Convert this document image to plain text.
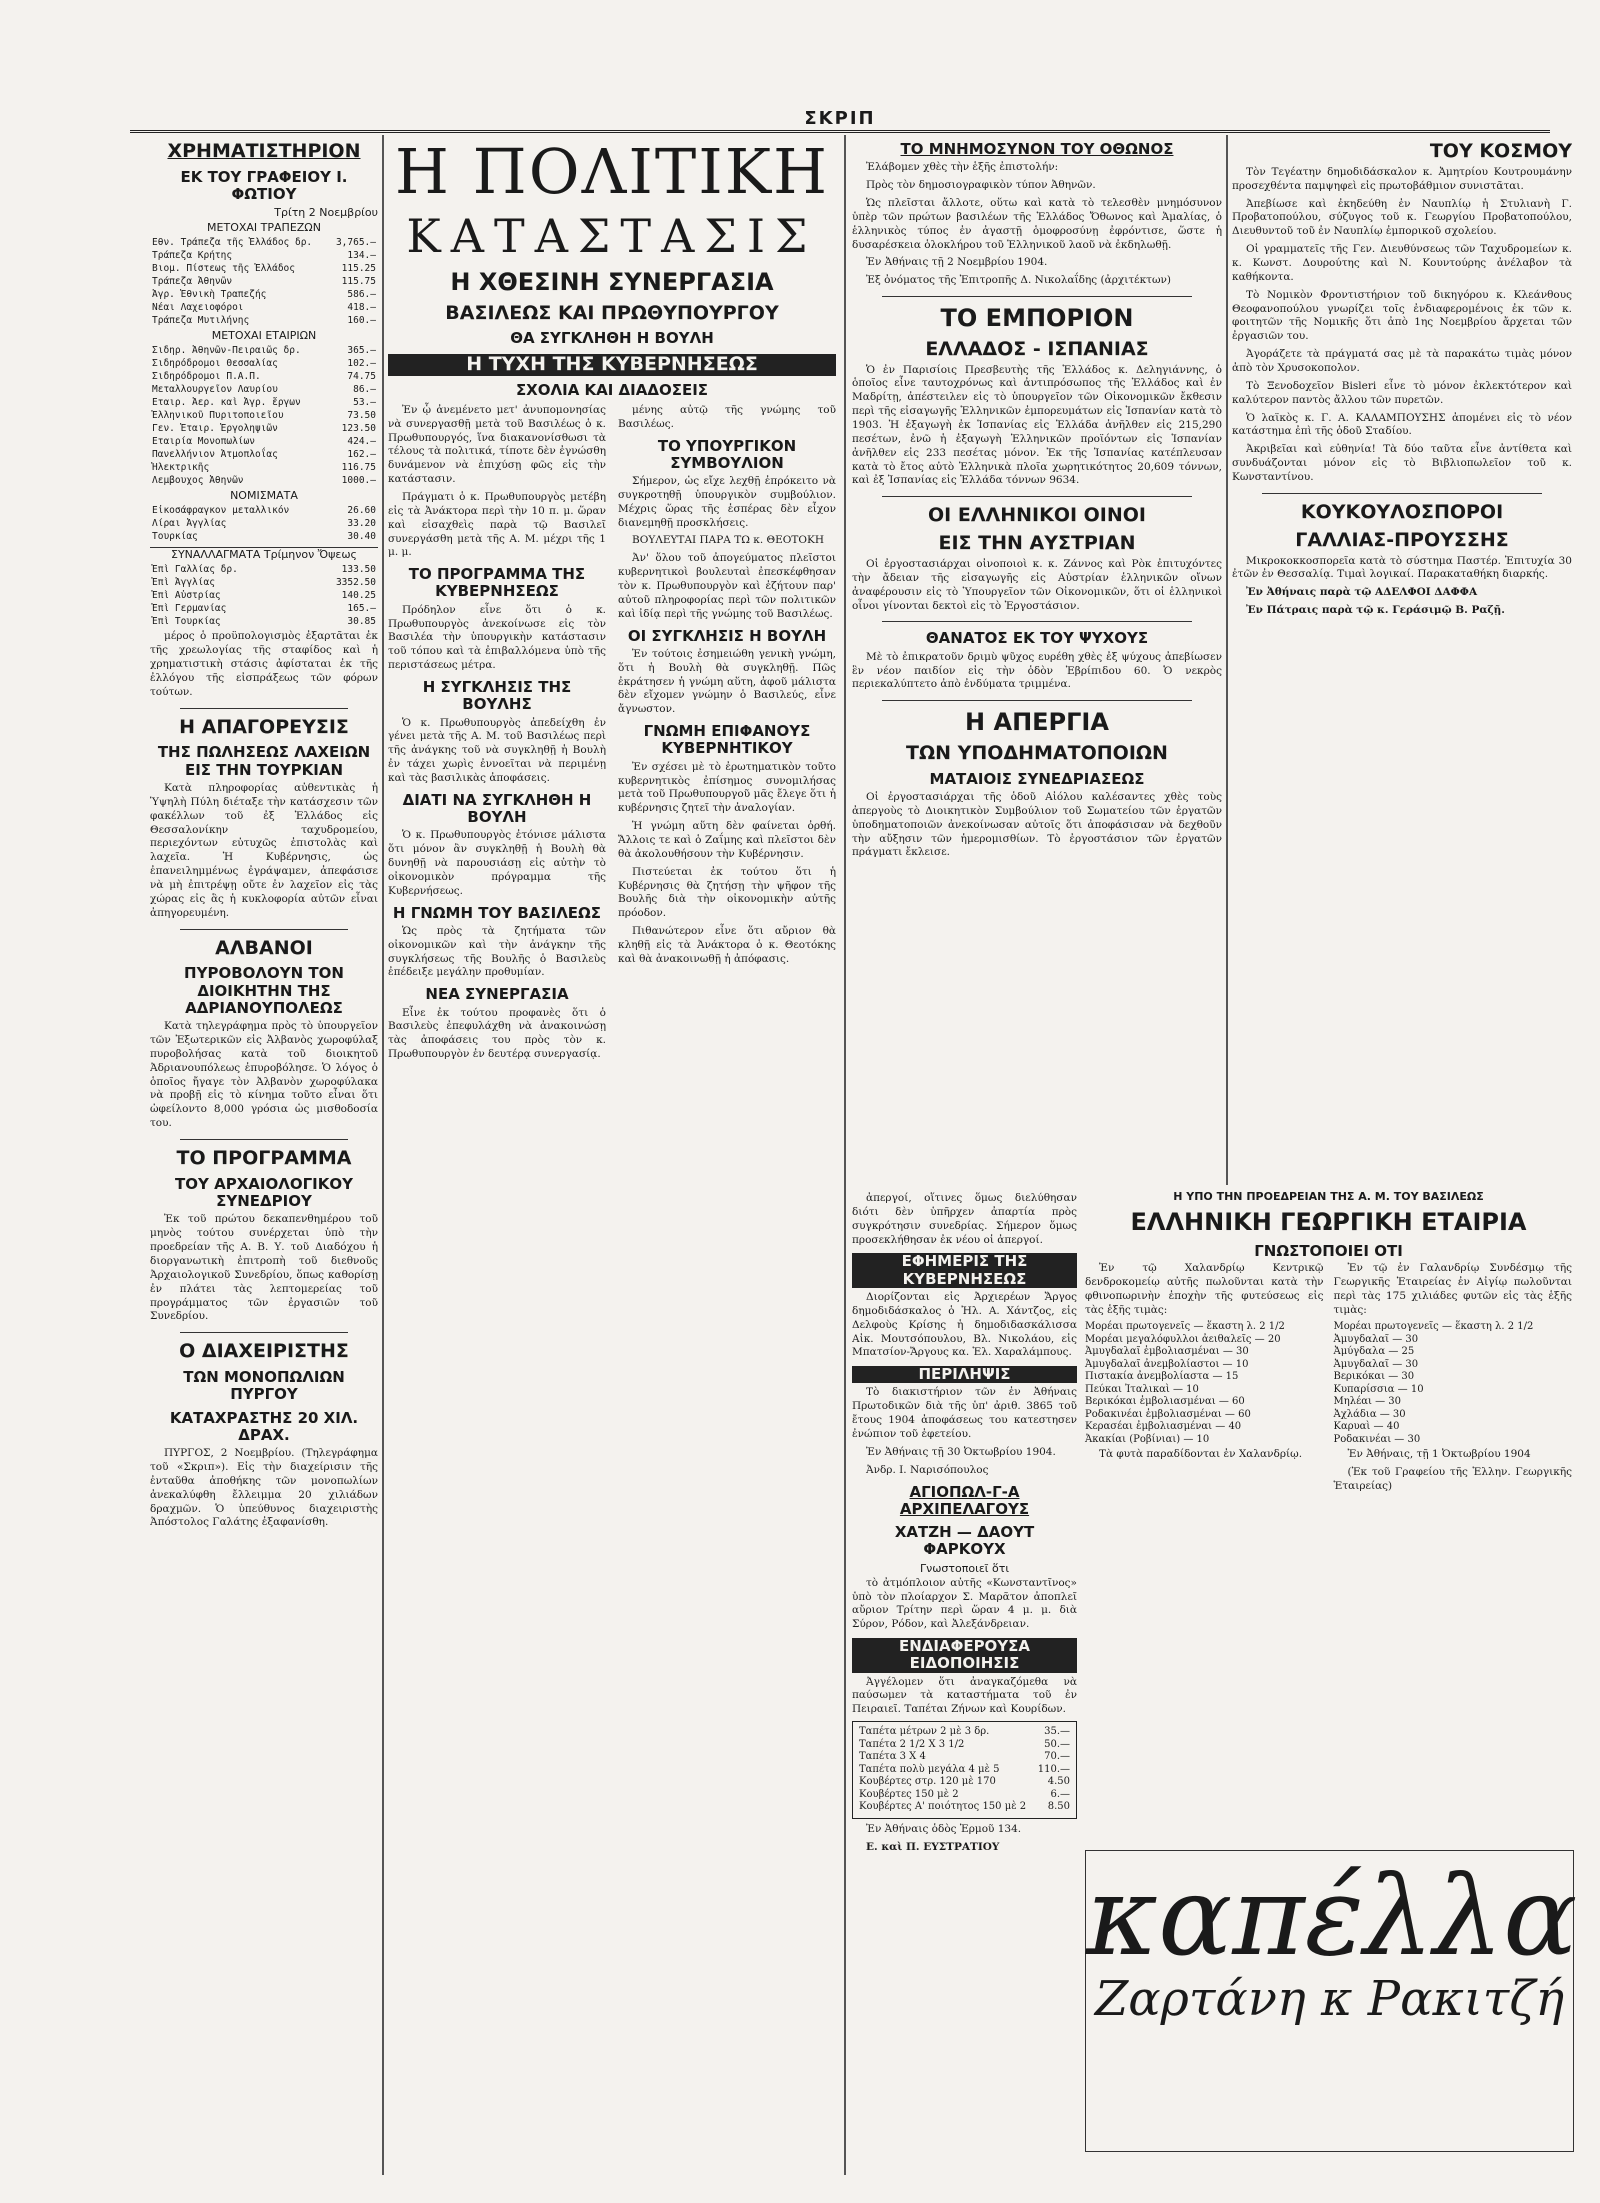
ΣΚΡΙΠ
ΧΡΗΜΑΤΙΣΤΗΡΙΟΝ
ΕΚ ΤΟΥ ΓΡΑΦΕΙΟΥ Ι. ΦΩΤΙΟΥ
Τρίτη 2 Νοεμβρίου
ΜΕΤΟΧΑΙ ΤΡΑΠΕΖΩΝ
Εθν. Τράπεζα τῆς Ἑλλάδος δρ.	3,765.—
Τράπεζα Κρήτης	134.—
Βιομ. Πίστεως τῆς Ἑλλάδος	115.25
Τράπεζα Ἀθηνῶν	115.75
Ἀγρ. Ἐθνικὴ Τραπεζής	586.—
Νέαι Λαχειοφόροι	418.—
Τράπεζα Μυτιλήνης	160.—
ΜΕΤΟΧΑΙ ΕΤΑΙΡΙΩΝ
Σιδηρ. Ἀθηνῶν-Πειραιῶς δρ.	365.—
Σιδηρόδρομοι Θεσσαλίας	102.—
Σιδηρόδρομοι Π.Α.Π.	74.75
Μεταλλουργεῖον Λαυρίου	86.—
Εταιρ. Ἀερ. καὶ Ἀγρ. ἔργων	53.—
Ἑλληνικοῦ Πυριτοποιεῖου	73.50
Γεν. Ἑταιρ. Ἐργοληψιῶν	123.50
Εταιρία Μονοπωλίων	424.—
Πανελλήνιον Ἀτμοπλοΐας	162.—
Ἠλεκτρικῆς	116.75
Λεμβουχος Ἀθηνῶν	1000.—
ΝΟΜΙΣΜΑΤΑ
Εἰκοσάφραγκον μεταλλικόν	26.60
Λίραι Ἀγγλίας	33.20
Τουρκίας	30.40
ΣΥΝΑΛΛΑΓΜΑΤΑ Τρίμηνον Ὄψεως
Ἐπὶ Γαλλίας δρ.	133.50
Ἐπὶ Ἀγγλίας	3352.50
Ἐπὶ Αὐστρίας	140.25
Ἐπὶ Γερμανίας	165.—
Ἐπὶ Τουρκίας	30.85

μέρος ὁ προϋπολογισμὸς ἐξαρτᾶται ἐκ τῆς χρεωλογίας τῆς σταφίδος καὶ ἡ χρηματιστικὴ στάσις ἀφίσταται ἐκ τῆς ἐλλόγου τῆς εἰσπράξεως τῶν φόρων τούτων.

Η ΑΠΑΓΟΡΕΥΣΙΣ
ΤΗΣ ΠΩΛΗΣΕΩΣ ΛΑΧΕΙΩΝ ΕΙΣ ΤΗΝ ΤΟΥΡΚΙΑΝ

Κατὰ πληροφορίας αὐθεντικὰς ἡ Ὑψηλὴ Πύλη διέταξε τὴν κατάσχεσιν τῶν φακέλλων τοῦ ἐξ Ἑλλάδος εἰς Θεσσαλονίκην ταχυδρομείου, περιεχόντων εὐτυχῶς ἐπιστολὰς καὶ λαχεῖα. Ἡ Κυβέρνησις, ὡς ἐπανειλημμένως ἐγράψαμεν, ἀπεφάσισε νὰ μὴ ἐπιτρέψῃ οὔτε ἐν λαχεῖον εἰς τὰς χώρας εἰς ἃς ἡ κυκλοφορία αὐτῶν εἶναι ἀπηγορευμένη.

ΑΛΒΑΝΟΙ
ΠΥΡΟΒΟΛΟΥΝ ΤΟΝ ΔΙΟΙΚΗΤΗΝ ΤΗΣ ΑΔΡΙΑΝΟΥΠΟΛΕΩΣ

Κατὰ τηλεγράφημα πρὸς τὸ ὑπουργεῖον τῶν Ἐξωτερικῶν εἰς Ἀλβανὸς χωροφύλαξ πυροβολήσας κατὰ τοῦ διοικητοῦ Ἀδριανουπόλεως ἐπυροβόλησε. Ὁ λόγος ὁ ὁποῖος ἤγαγε τὸν Ἀλβανὸν χωροφύλακα νὰ προβῇ εἰς τὸ κίνημα τοῦτο εἶναι ὅτι ὠφείλοντο 8,000 γρόσια ὡς μισθοδοσία του.

ΤΟ ΠΡΟΓΡΑΜΜΑ
ΤΟΥ ΑΡΧΑΙΟΛΟΓΙΚΟΥ ΣΥΝΕΔΡΙΟΥ

Ἐκ τοῦ πρώτου δεκαπενθημέρου τοῦ μηνὸς τούτου συνέρχεται ὑπὸ τὴν προεδρείαν τῆς Α. Β. Υ. τοῦ Διαδόχου ἡ διοργανωτικὴ ἐπιτροπὴ τοῦ διεθνοῦς Ἀρχαιολογικοῦ Συνεδρίου, ὅπως καθορίσῃ ἐν πλάτει τὰς λεπτομερείας τοῦ προγράμματος τῶν ἐργασιῶν τοῦ Συνεδρίου.

Ο ΔΙΑΧΕΙΡΙΣΤΗΣ
ΤΩΝ ΜΟΝΟΠΩΛΙΩΝ ΠΥΡΓΟΥ
ΚΑΤΑΧΡΑΣΤΗΣ 20 ΧΙΛ. ΔΡΑΧ.

ΠΥΡΓΟΣ, 2 Νοεμβρίου. (Τηλεγράφημα τοῦ «Σκριπ»). Εἰς τὴν διαχείρισιν τῆς ἐνταῦθα ἀποθήκης τῶν μονοπωλίων ἀνεκαλύφθη ἔλλειμμα 20 χιλιάδων δραχμῶν. Ὁ ὑπεύθυνος διαχειριστὴς Ἀπόστολος Γαλάτης ἐξαφανίσθη.

Η ΠΟΛΙΤΙΚΗ
ΚΑΤΑΣΤΑΣΙΣ
Η ΧΘΕΣΙΝΗ ΣΥΝΕΡΓΑΣΙΑ
ΒΑΣΙΛΕΩΣ ΚΑΙ ΠΡΩΘΥΠΟΥΡΓΟΥ
ΘΑ ΣΥΓΚΛΗΘΗ Η ΒΟΥΛΗ
Η ΤΥΧΗ ΤΗΣ ΚΥΒΕΡΝΗΣΕΩΣ
ΣΧΟΛΙΑ ΚΑΙ ΔΙΑΔΟΣΕΙΣ

Ἐν ᾧ ἀνεμένετο μετ' ἀνυπομονησίας νὰ συνεργασθῇ μετὰ τοῦ Βασιλέως ὁ κ. Πρωθυπουργός, ἵνα διακανονίσθωσι τὰ τέλους τὰ πολιτικά, τίποτε δὲν ἐγνώσθη δυνάμενον νὰ ἐπιχύσῃ φῶς εἰς τὴν κατάστασιν.

Πράγματι ὁ κ. Πρωθυπουργὸς μετέβη εἰς τὰ Ἀνάκτορα περὶ τὴν 10 π. μ. ὥραν καὶ εἰσαχθεὶς παρὰ τῷ Βασιλεῖ συνεργάσθη μετὰ τῆς Α. Μ. μέχρι τῆς 1 μ. μ.

ΤΟ ΠΡΟΓΡΑΜΜΑ ΤΗΣ ΚΥΒΕΡΝΗΣΕΩΣ

Πρόδηλον εἶνε ὅτι ὁ κ. Πρωθυπουργὸς ἀνεκοίνωσε εἰς τὸν Βασιλέα τὴν ὑπουργικὴν κατάστασιν τοῦ τόπου καὶ τὰ ἐπιβαλλόμενα ὑπὸ τῆς περιστάσεως μέτρα.

Η ΣΥΓΚΛΗΣΙΣ ΤΗΣ ΒΟΥΛΗΣ

Ὁ κ. Πρωθυπουργὸς ἀπεδείχθη ἐν γένει μετὰ τῆς Α. Μ. τοῦ Βασιλέως περὶ τῆς ἀνάγκης τοῦ νὰ συγκληθῇ ἡ Βουλὴ ἐν τάχει χωρὶς ἐννοεῖται νὰ περιμένῃ καὶ τὰς βασιλικὰς ἀποφάσεις.

ΔΙΑΤΙ ΝΑ ΣΥΓΚΛΗΘΗ Η ΒΟΥΛΗ

Ὁ κ. Πρωθυπουργὸς ἐτόνισε μάλιστα ὅτι μόνον ἂν συγκληθῇ ἡ Βουλὴ θὰ δυνηθῇ νὰ παρουσιάσῃ εἰς αὐτὴν τὸ οἰκονομικὸν πρόγραμμα τῆς Κυβερνήσεως.

Η ΓΝΩΜΗ ΤΟΥ ΒΑΣΙΛΕΩΣ

Ὡς πρὸς τὰ ζητήματα τῶν οἰκονομικῶν καὶ τὴν ἀνάγκην τῆς συγκλήσεως τῆς Βουλῆς ὁ Βασιλεὺς ἐπέδειξε μεγάλην προθυμίαν.

ΝΕΑ ΣΥΝΕΡΓΑΣΙΑ

Εἶνε ἐκ τούτου προφανὲς ὅτι ὁ Βασιλεὺς ἐπεφυλάχθη νὰ ἀνακοινώσῃ τὰς ἀποφάσεις του πρὸς τὸν κ. Πρωθυπουργὸν ἐν δευτέρᾳ συνεργασίᾳ.

μένης αὐτῷ τῆς γνώμης τοῦ Βασιλέως.

ΤΟ ΥΠΟΥΡΓΙΚΟΝ ΣΥΜΒΟΥΛΙΟΝ

Σήμερον, ὡς εἴχε λεχθῇ ἐπρόκειτο νὰ συγκροτηθῇ ὑπουργικὸν συμβούλιον. Μέχρις ὥρας τῆς ἑσπέρας δὲν εἶχον διανεμηθῇ προσκλήσεις.

ΒΟΥΛΕΥΤΑΙ ΠΑΡΑ ΤΩ κ. ΘΕΟΤΟΚΗ

Ἀν' ὅλου τοῦ ἀπογεύματος πλεῖστοι κυβερνητικοὶ βουλευταὶ ἐπεσκέφθησαν τὸν κ. Πρωθυπουργὸν καὶ ἐζήτουν παρ' αὐτοῦ πληροφορίας περὶ τῶν πολιτικῶν καὶ ἰδίᾳ περὶ τῆς γνώμης τοῦ Βασιλέως.

ΟΙ ΣΥΓΚΛΗΣΙΣ Η ΒΟΥΛΗ

Ἐν τούτοις ἐσημειώθη γενικὴ γνώμη, ὅτι ἡ Βουλὴ θὰ συγκληθῇ. Πῶς ἐκράτησεν ἡ γνώμη αὕτη, ἀφοῦ μάλιστα δὲν εἴχομεν γνώμην ὁ Βασιλεύς, εἶνε ἄγνωστον.

ΓΝΩΜΗ ΕΠΙΦΑΝΟΥΣ ΚΥΒΕΡΝΗΤΙΚΟΥ

Ἐν σχέσει μὲ τὸ ἐρωτηματικὸν τοῦτο κυβερνητικὸς ἐπίσημος συνομιλήσας μετὰ τοῦ Πρωθυπουργοῦ μᾶς ἔλεγε ὅτι ἡ κυβέρνησις ζητεῖ τὴν ἀναλογίαν.

Ἡ γνώμη αὕτη δὲν φαίνεται ὀρθή. Ἄλλοις τε καὶ ὁ Ζαΐμης καὶ πλεῖστοι δὲν θὰ ἀκολουθήσουν τὴν Κυβέρνησιν.

Πιστεύεται ἐκ τούτου ὅτι ἡ Κυβέρνησις θὰ ζητήσῃ τὴν ψῆφον τῆς Βουλῆς διὰ τὴν οἰκονομικὴν αὐτῆς πρόοδον.

Πιθανώτερον εἶνε ὅτι αὔριον θὰ κληθῇ εἰς τὰ Ἀνάκτορα ὁ κ. Θεοτόκης καὶ θὰ ἀνακοινωθῇ ἡ ἀπόφασις.

ΤΟ ΜΝΗΜΟΣΥΝΟΝ ΤΟΥ ΟΘΩΝΟΣ

Ἐλάβομεν χθὲς τὴν ἑξῆς ἐπιστολήν:

Πρὸς τὸν δημοσιογραφικὸν τύπον Ἀθηνῶν.

Ὡς πλεῖσται ἄλλοτε, οὕτω καὶ κατὰ τὸ τελεσθὲν μνημόσυνον ὑπὲρ τῶν πρώτων βασιλέων τῆς Ἑλλάδος Ὄθωνος καὶ Ἀμαλίας, ὁ ἑλληνικὸς τύπος ἐν ἀγαστῇ ὁμοφροσύνῃ ἐφρόντισε, ὥστε ἡ δυσαρέσκεια ὁλοκλήρου τοῦ Ἑλληνικοῦ λαοῦ νὰ ἐκδηλωθῇ.

Ἐν Ἀθήναις τῇ 2 Νοεμβρίου 1904.

Ἐξ ὀνόματος τῆς Ἐπιτροπῆς Δ. Νικολαΐδης (ἀρχιτέκτων)

ΤΟ ΕΜΠΟΡΙΟΝ
ΕΛΛΑΔΟΣ - ΙΣΠΑΝΙΑΣ

Ὁ ἐν Παρισίοις Πρεσβευτὴς τῆς Ἑλλάδος κ. Δεληγιάννης, ὁ ὁποῖος εἶνε ταυτοχρόνως καὶ ἀντιπρόσωπος τῆς Ἑλλάδος καὶ ἐν Μαδρίτῃ, ἀπέστειλεν εἰς τὸ ὑπουργεῖον τῶν Οἰκονομικῶν ἔκθεσιν περὶ τῆς εἰσαγωγῆς Ἑλληνικῶν ἐμπορευμάτων εἰς Ἱσπανίαν κατὰ τὸ 1903. Ἡ ἐξαγωγὴ ἐκ Ἱσπανίας εἰς Ἑλλάδα ἀνῆλθεν εἰς 215,290 πεσέτων, ἐνῶ ἡ ἐξαγωγὴ Ἑλληνικῶν προϊόντων εἰς Ἱσπανίαν ἀνῆλθεν εἰς 233 πεσέτας μόνον. Ἐκ τῆς Ἱσπανίας κατέπλευσαν κατὰ τὸ ἔτος αὐτὸ Ἑλληνικὰ πλοῖα χωρητικότητος 20,609 τόννων, καὶ ἐξ Ἰσπανίας εἰς Ἑλλάδα τόννων 9634.

ΟΙ ΕΛΛΗΝΙΚΟΙ ΟΙΝΟΙ
ΕΙΣ ΤΗΝ ΑΥΣΤΡΙΑΝ

Οἱ ἐργοστασιάρχαι οἰνοποιοὶ κ. κ. Ζάννος καὶ Ρὸκ ἐπιτυχόντες τὴν ἄδειαν τῆς εἰσαγωγῆς εἰς Αὐστρίαν ἑλληνικῶν οἴνων ἀναφέρουσιν εἰς τὸ Ὑπουργεῖον τῶν Οἰκονομικῶν, ὅτι οἱ ἑλληνικοὶ οἶνοι γίνονται δεκτοὶ εἰς τὸ Ἐργοστάσιον.

ΘΑΝΑΤΟΣ ΕΚ ΤΟΥ ΨΥΧΟΥΣ

Μὲ τὸ ἐπικρατοῦν δριμὺ ψῦχος ευρέθη χθὲς ἐξ ψύχους ἀπεβίωσεν ἓν νέον παιδίον εἰς τὴν ὁδὸν Ἐβρίπιδου 60. Ὁ νεκρὸς περιεκαλύπτετο ἀπὸ ἐνδύματα τριμμένα.

Η ΑΠΕΡΓΙΑ
ΤΩΝ ΥΠΟΔΗΜΑΤΟΠΟΙΩΝ
ΜΑΤΑΙΟΙΣ ΣΥΝΕΔΡΙΑΣΕΩΣ

Οἱ ἐργοστασιάρχαι τῆς ὁδοῦ Αἰόλου καλέσαντες χθὲς τοὺς ἀπεργοὺς τὸ Διοικητικὸν Συμβούλιον τοῦ Σωματείου τῶν ἐργατῶν ὑποδηματοποιῶν ἀνεκοίνωσαν αὐτοῖς ὅτι ἀποφάσισαν νὰ δεχθοῦν τὴν αὔξησιν τῶν ἡμερομισθίων. Τὸ ἐργοστάσιον τῶν ἐργατῶν πράγματι ἔκλεισε.

ΤΟΥ ΚΟΣΜΟΥ

Τὸν Τεγέατην δημοδιδάσκαλον κ. Ἀμητρίου Κουτρουμάνην προσεχθέντα παμψηφεὶ εἰς πρωτοβάθμιον συνιστᾶται.

Ἀπεβίωσε καὶ ἐκηδεύθη ἐν Ναυπλίῳ ἡ Στυλιανὴ Γ. Προβατοπούλου, σύζυγος τοῦ κ. Γεωργίου Προβατοπούλου, Διευθυντοῦ τοῦ ἐν Ναυπλίῳ ἐμπορικοῦ σχολείου.

Οἱ γραμματεῖς τῆς Γεν. Διευθύνσεως τῶν Ταχυδρομείων κ. κ. Κωνστ. Δουρούτης καὶ Ν. Κουντούρης ἀνέλαβον τὰ καθήκοντα.

Τὸ Νομικὸν Φροντιστήριον τοῦ δικηγόρου κ. Κλεάνθους Θεοφανοπούλου γνωρίζει τοῖς ἐνδιαφερομένοις ἐκ τῶν κ. φοιτητῶν τῆς Νομικῆς ὅτι ἀπὸ 1ης Νοεμβρίου ἄρχεται τῶν ἐργασιῶν του.

Ἀγοράζετε τὰ πράγματά σας μὲ τὰ παρακάτω τιμὰς μόνον ἀπὸ τὸν Χρυσοκοπολον.

Τὸ Ξενοδοχεῖον Bisleri εἶνε τὸ μόνον ἐκλεκτότερον καὶ καλύτερον παντὸς ἄλλου τῶν πυρετῶν.

Ὁ λαϊκὸς κ. Γ. Α. ΚΑΛΑΜΠΟΥΣΗΣ ἀπομένει εἰς τὸ νέον κατάστημα ἐπὶ τῆς ὁδοῦ Σταδίου.

Ἀκριβεῖαι καὶ εὐθηνία! Τὰ δύο ταῦτα εἶνε ἀντίθετα καὶ συνδυάζονται μόνον εἰς τὸ Βιβλιοπωλεῖον τοῦ κ. Κωνσταντίνου.

ΚΟΥΚΟΥΛΟΣΠΟΡΟΙ
ΓΑΛΛΙΑΣ-ΠΡΟΥΣΣΗΣ

Μικροκοκκοσπορεῖα κατὰ τὸ σύστημα Παστέρ. Ἐπιτυχία 30 ἐτῶν ἐν Θεσσαλίᾳ. Τιμαὶ λογικαί. Παρακαταθήκη διαρκής.

Ἐν Ἀθήναις παρὰ τῷ ΑΔΕΛΦΟΙ ΔΑΦΦΑ

Ἐν Πάτραις παρὰ τῷ κ. Γεράσιμῷ Β. Ραζῇ.

Η ΥΠΟ ΤΗΝ ΠΡΟΕΔΡΕΙΑΝ ΤΗΣ Α. Μ. ΤΟΥ ΒΑΣΙΛΕΩΣ
ΕΛΛΗΝΙΚΗ ΓΕΩΡΓΙΚΗ ΕΤΑΙΡΙΑ
ΓΝΩΣΤΟΠΟΙΕΙ ΟΤΙ

Ἐν τῷ Χαλανδρίῳ Κεντρικῷ δενδροκομείῳ αὐτῆς πωλοῦνται κατὰ τὴν φθινοπωρινὴν ἐποχὴν τῆς φυτεύσεως εἰς τὰς ἑξῆς τιμὰς:

Μορέαι πρωτογενεῖς — ἕκαστη λ. 2 1/2
Μορέαι μεγαλόφυλλοι ἀειθαλεῖς — 20
Ἀμυγδαλαῖ ἐμβολιασμέναι — 30
Ἀμυγδαλαῖ ἀνεμβολίαστοι — 10
Πιστακία ἀνεμβολίαστα — 15
Πεύκαι Ἰταλικαὶ — 10
Βερικόκαι ἐμβολιασμέναι — 60
Ροδακινέαι ἐμβολιασμέναι — 60
Κερασέαι ἐμβολιασμέναι — 40
Ἀκακίαι (Ροβίνιαι) — 10

Τὰ φυτὰ παραδίδονται ἐν Χαλανδρίῳ.

Ἐν τῷ ἐν Γαλανδρίῳ Συνδέσμῳ τῆς Γεωργικῆς Ἑταιρείας ἐν Αἰγίῳ πωλοῦνται περὶ τὰς 175 χιλιάδες φυτῶν εἰς τὰς ἑξῆς τιμὰς:

Μορέαι πρωτογενεῖς — ἕκαστη λ. 2 1/2
Ἀμυγδαλαῖ — 30
Ἀμύγδαλα — 25
Ἀμυγδαλαῖ — 30
Βερικόκαι — 30
Κυπαρίσσια — 10
Μηλέαι — 30
Ἀχλάδια — 30
Καρυαὶ — 40
Ροδακινέαι — 30

Ἐν Ἀθήναις, τῇ 1 Ὀκτωβρίου 1904

(Ἐκ τοῦ Γραφείου τῆς Ἑλλην. Γεωργικῆς Ἑταιρείας)

καπέλλα
Ζαρτάνη κ Ρακιτζή

ἀπεργοί, οἵτινες ὅμως διελύθησαν διότι δὲν ὑπῆρχεν ἀπαρτία πρὸς συγκρότησιν συνεδρίας. Σήμερον ὅμως προσεκλήθησαν ἐκ νέου οἱ ἀπεργοί.

ΕΦΗΜΕΡΙΣ ΤΗΣ ΚΥΒΕΡΝΗΣΕΩΣ

Διορίζονται εἰς Ἀρχιερέων Ἄργος δημοδιδάσκαλος ὁ Ἠλ. Α. Χάντζος, εἰς Δελφοὺς Κρίσης ἡ δημοδιδασκάλισσα Αἰκ. Μουτσόπουλου, Βλ. Νικολάου, εἰς Μπατσίον-Ἄργους κα. Ἑλ. Χαραλάμπους.

ΠΕΡΙΛΗΨΙΣ

Τὸ διακιστήριον τῶν ἐν Ἀθήναις Πρωτοδικῶν διὰ τῆς ὑπ' ἀριθ. 3865 τοῦ ἔτους 1904 ἀποφάσεως του κατεστησεν ἐνώπιον τοῦ ἐφετείου.

Ἐν Ἀθήναις τῇ 30 Ὀκτωβρίου 1904.

Ἀνδρ. Ι. Ναρισόπουλος

ΑΓΙΟΠΩΛ-Γ-Α ΑΡΧΙΠΕΛΑΓΟΥΣ
ΧΑΤΖΗ — ΔΑΟΥΤ ΦΑΡΚΟΥΧ
Γνωστοποιεῖ ὅτι

τὸ ἀτμόπλοιον αὐτῆς «Κωνσταντῖνος» ὑπὸ τὸν πλοίαρχον Σ. Μαρᾶτον ἀποπλεῖ αὔριον Τρίτην περὶ ὥραν 4 μ. μ. διὰ Σύρον, Ρόδον, καὶ Ἀλεξάνδρειαν.

ΕΝΔΙΑΦΕΡΟΥΣΑ ΕΙΔΟΠΟΙΗΣΙΣ

Ἀγγέλομεν ὅτι ἀναγκαζόμεθα νὰ παύσωμεν τὰ καταστήματα τοῦ ἐν Πειραιεῖ. Ταπέται Ζήνων καὶ Κουρίδων.

Ταπέτα μέτρων 2 μὲ 3 δρ.	35.—
Ταπέτα 2 1/2 Χ 3 1/2	50.—
Ταπέτα 3 Χ 4	70.—
Ταπέτα πολὺ μεγάλα 4 μὲ 5	110.—
Κουβέρτες στρ. 120 μὲ 170	4.50
Κουβέρτες 150 μὲ 2	6.—
Κουβέρτες Α' ποιότητος 150 μὲ 2 8.50

Ἐν Ἀθήναις ὁδὸς Ἑρμοῦ 134.

Ε. καὶ Π. ΕΥΣΤΡΑΤΙΟΥ
